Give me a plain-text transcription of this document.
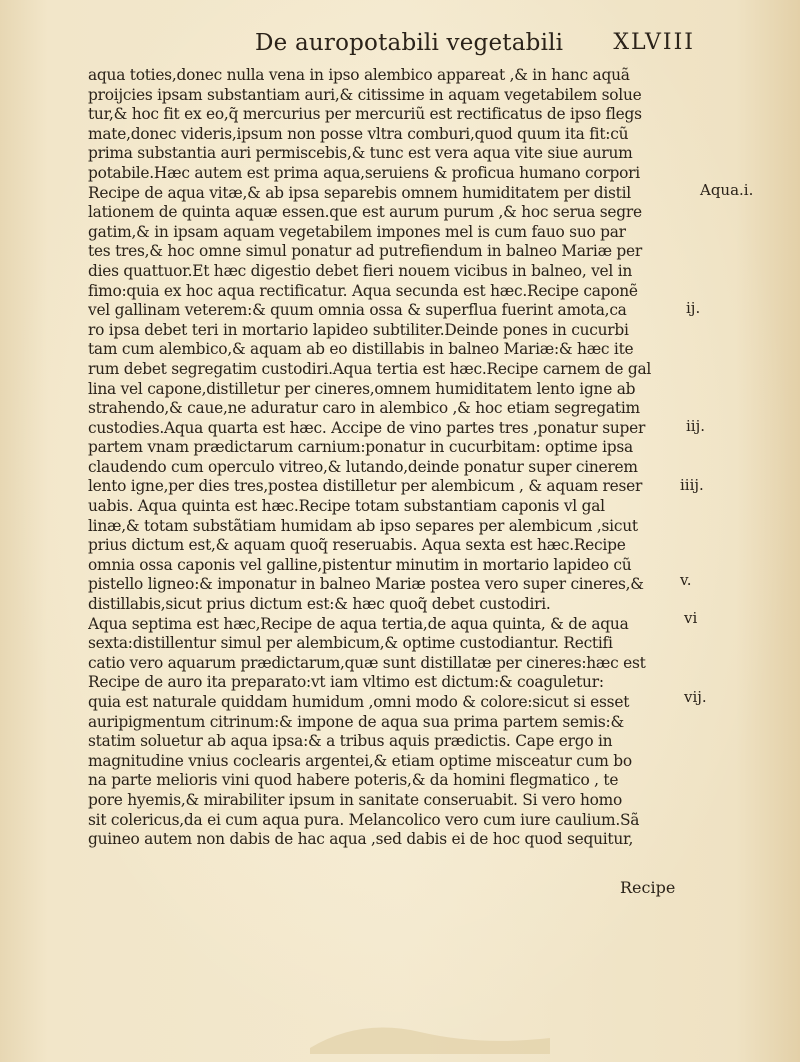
De auropotabili vegetabili XLVIII
aqua toties,donec nulla vena in ipso alembico appareat ,& in hanc aquã
proijcies ipsam substantiam auri,& citissime in aquam vegetabilem solue
tur,& hoc fit ex eo,q̃ mercurius per mercuriũ est rectificatus de ipso flegs
mate,donec videris,ipsum non posse vltra comburi,quod quum ita fit:cũ
prima substantia auri permiscebis,& tunc est vera aqua vite siue aurum
potabile.Hæc autem est prima aqua,seruiens & proficua humano corpori
Recipe de aqua vitæ,& ab ipsa separebis omnem humiditatem per distil
lationem de quinta aquæ essen.que est aurum purum ,& hoc serua segre
gatim,& in ipsam aquam vegetabilem impones mel is cum fauo suo par
tes tres,& hoc omne simul ponatur ad putrefiendum in balneo Mariæ per
dies quattuor.Et hæc digestio debet fieri nouem vicibus in balneo, vel in
fimo:quia ex hoc aqua rectificatur. Aqua secunda est hæc.Recipe caponẽ
vel gallinam veterem:& quum omnia ossa & superflua fuerint amota,ca
ro ipsa debet teri in mortario lapideo subtiliter.Deinde pones in cucurbi
tam cum alembico,& aquam ab eo distillabis in balneo Mariæ:& hæc ite
rum debet segregatim custodiri.Aqua tertia est hæc.Recipe carnem de gal
lina vel capone,distilletur per cineres,omnem humiditatem lento igne ab
strahendo,& caue,ne aduratur caro in alembico ,& hoc etiam segregatim
custodies.Aqua quarta est hæc. Accipe de vino partes tres ,ponatur super
partem vnam prædictarum carnium:ponatur in cucurbitam: optime ipsa
claudendo cum operculo vitreo,& lutando,deinde ponatur super cinerem
lento igne,per dies tres,postea distilletur per alembicum , & aquam reser
uabis. Aqua quinta est hæc.Recipe totam substantiam caponis vl gal
linæ,& totam substãtiam humidam ab ipso separes per alembicum ,sicut
prius dictum est,& aquam quoq̃ reseruabis. Aqua sexta est hæc.Recipe
omnia ossa caponis vel galline,pistentur minutim in mortario lapideo cũ
pistello ligneo:& imponatur in balneo Mariæ postea vero super cineres,&
distillabis,sicut prius dictum est:& hæc quoq̃ debet custodiri.
Aqua septima est hæc,Recipe de aqua tertia,de aqua quinta, & de aqua
sexta:distillentur simul per alembicum,& optime custodiantur. Rectifi
catio vero aquarum prædictarum,quæ sunt distillatæ per cineres:hæc est
Recipe de auro ita preparato:vt iam vltimo est dictum:& coaguletur:
quia est naturale quiddam humidum ,omni modo & colore:sicut si esset
auripigmentum citrinum:& impone de aqua sua prima partem semis:&
statim soluetur ab aqua ipsa:& a tribus aquis prædictis. Cape ergo in
magnitudine vnius coclearis argentei,& etiam optime misceatur cum bo
na parte melioris vini quod habere poteris,& da homini flegmatico , te
pore hyemis,& mirabiliter ipsum in sanitate conseruabit. Si vero homo
sit colericus,da ei cum aqua pura. Melancolico vero cum iure caulium.Sã
guineo autem non dabis de hac aqua ,sed dabis ei de hoc quod sequitur,
Aqua.i.
ij.
iij.
iiij.
v.
vi
vij.
Recipe
